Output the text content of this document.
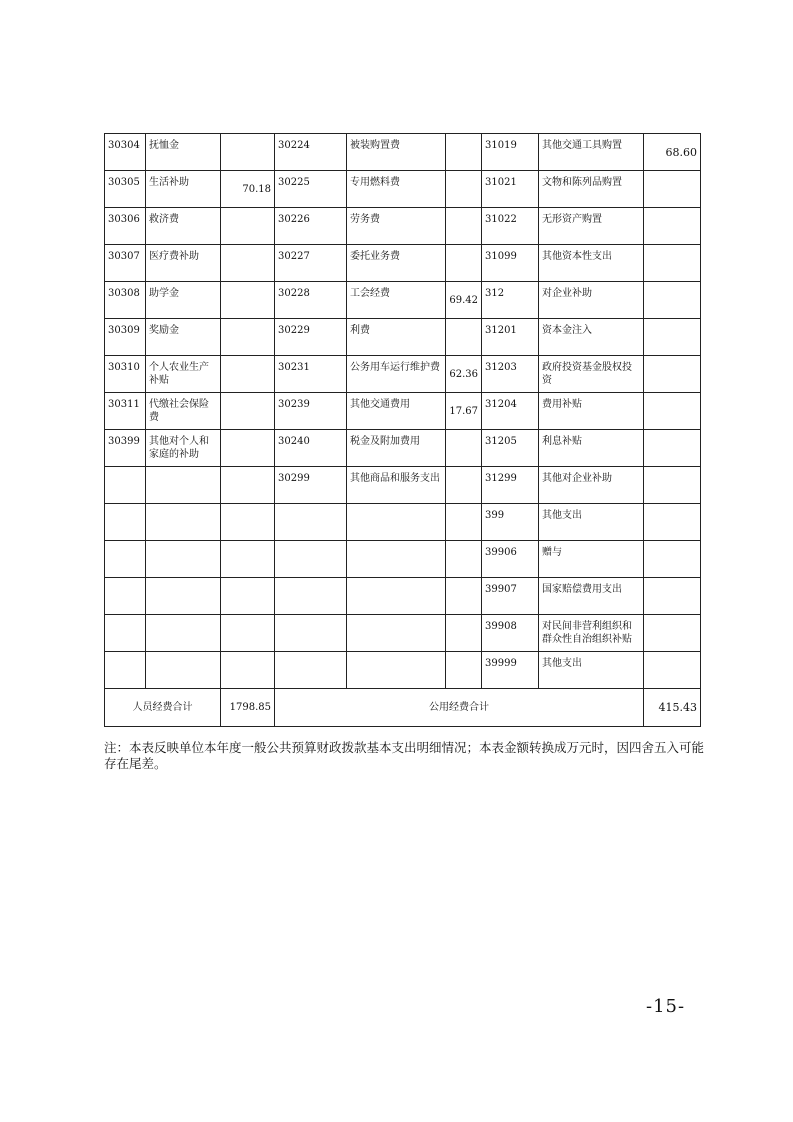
30304	抚恤金		30224	被装购置费		31019	其他交通工具购置	68.60
30305	生活补助	70.18	30225	专用燃料费		31021	文物和陈列品购置	
30306	救济费		30226	劳务费		31022	无形资产购置	
30307	医疗费补助		30227	委托业务费		31099	其他资本性支出	
30308	助学金		30228	工会经费	69.42	312	对企业补助	
30309	奖励金		30229	利费		31201	资本金注入	
30310	个人农业生产补贴		30231	公务用车运行维护费	62.36	31203	政府投资基金股权投资	
30311	代缴社会保险费		30239	其他交通费用	17.67	31204	费用补贴	
30399	其他对个人和家庭的补助		30240	税金及附加费用		31205	利息补贴	
			30299	其他商品和服务支出		31299	其他对企业补助	
						399	其他支出	
						39906	赠与	
						39907	国家赔偿费用支出	
						39908	对民间非营利组织和群众性自治组织补贴	
						39999	其他支出	
人员经费合计		1798.85	公用经费合计					415.43
注：本表反映单位本年度一般公共预算财政拨款基本支出明细情况；本表金额转换成万元时，因四舍五入可能存在尾差。
-15-
